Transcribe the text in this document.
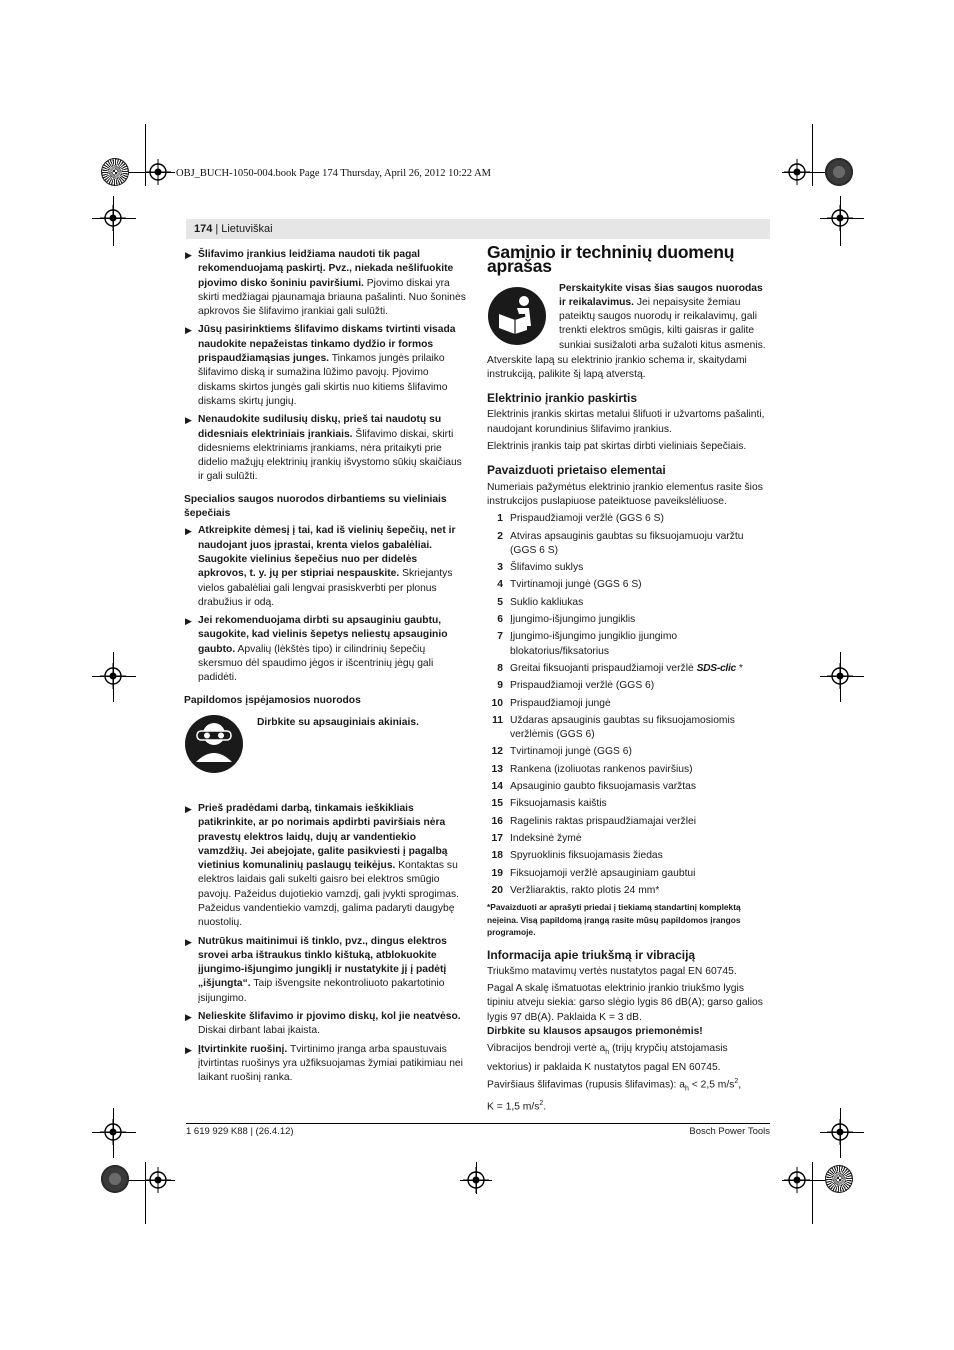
OBJ_BUCH-1050-004.book Page 174 Thursday, April 26, 2012 10:22 AM
174 | Lietuviškai
▶ Šlifavimo įrankius leidžiama naudoti tik pagal rekomenduojamą paskirtį. Pvz., niekada nešlifuokite pjovimo disko šoniniu paviršiumi. Pjovimo diskai yra skirti medžiagai pjaunamąja briauna pašalinti. Nuo šoninės apkrovos šie šlifavimo įrankiai gali sulūžti.
▶ Jūsų pasirinktiems šlifavimo diskams tvirtinti visada naudokite nepažeistas tinkamo dydžio ir formos prispaudžiamąsias junges. Tinkamos jungės prilaiko šlifavimo diską ir sumažina lūžimo pavojų. Pjovimo diskams skirtos jungės gali skirtis nuo kitiems šlifavimo diskams skirtų jungių.
▶ Nenaudokite sudilusių diskų, prieš tai naudotų su didesniais elektriniais įrankiais. Šlifavimo diskai, skirti didesniems elektriniams įrankiams, nėra pritaikyti prie didelio mažųjų elektrinių įrankių išvystomo sūkių skaičiaus ir gali sulūžti.

Specialios saugos nuorodos dirbantiems su vieliniais šepečiais

▶ Atkreipkite dėmesį į tai, kad iš vielinių šepečių, net ir naudojant juos įprastai, krenta vielos gabalėliai. Saugokite vielinius šepečius nuo per didelės apkrovos, t. y. jų per stipriai nespauskite. Skriejantys vielos gabalėliai gali lengvai prasiskverbti per plonus drabužius ir odą.
▶ Jei rekomenduojama dirbti su apsauginiu gaubtu, saugokite, kad vielinis šepetys neliestų apsauginio gaubto. Apvalių (lėkštės tipo) ir cilindrinių šepečių skersmuo dėl spaudimo jėgos ir išcentrinių jėgų gali padidėti.

Papildomos įspėjamosios nuorodos

Dirbkite su apsauginiais akiniais.
▶ Prieš pradėdami darbą, tinkamais ieškikliais patikrinkite, ar po norimais apdirbti paviršiais nėra pravestų elektros laidų, dujų ar vandentiekio vamzdžių. Jei abejojate, galite pasikviesti į pagalbą vietinius komunalinių paslaugų teikėjus. Kontaktas su elektros laidais gali sukelti gaisro bei elektros smūgio pavojų. Pažeidus dujotiekio vamzdį, gali įvykti sprogimas. Pažeidus vandentiekio vamzdį, galima padaryti daugybę nuostolių.
▶ Nutrūkus maitinimui iš tinklo, pvz., dingus elektros srovei arba ištraukus tinklo kištuką, atblokuokite įjungimo-išjungimo jungiklį ir nustatykite jį į padėtį „išjungta“. Taip išvengsite nekontroliuoto pakartotinio įsijungimo.
▶ Nelieskite šlifavimo ir pjovimo diskų, kol jie neatvėso. Diskai dirbant labai įkaista.
▶ Įtvirtinkite ruošinį. Tvirtinimo įranga arba spaustuvais įtvirtintas ruošinys yra užfiksuojamas žymiai patikimiau nei laikant ruošinį ranka.
Gaminio ir techninių duomenų aprašas

Perskaitykite visas šias saugos nuorodas ir reikalavimus. Jei nepaisysite žemiau pateiktų saugos nuorodų ir reikalavimų, gali trenkti elektros smūgis, kilti gaisras ir galite sunkiai susižaloti arba sužaloti kitus asmenis.

Atverskite lapą su elektrinio įrankio schema ir, skaitydami instrukciją, palikite šį lapą atverstą.

Elektrinio įrankio paskirtis

Elektrinis įrankis skirtas metalui šlifuoti ir užvartoms pašalinti, naudojant korundinius šlifavimo įrankius.

Elektrinis įrankis taip pat skirtas dirbti vieliniais šepečiais.

Pavaizduoti prietaiso elementai

Numeriais pažymėtus elektrinio įrankio elementus rasite šios instrukcijos puslapiuose pateiktuose paveikslėliuose.

1 Prispaudžiamoji veržlė (GGS 6 S)
2 Atviras apsauginis gaubtas su fiksuojamuoju varžtu (GGS 6 S)
3 Šlifavimo suklys
4 Tvirtinamoji jungė (GGS 6 S)
5 Suklio kakliukas
6 Įjungimo-išjungimo jungiklis
7 Įjungimo-išjungimo jungiklio įjungimo blokatorius/fiksatorius
8 Greitai fiksuojanti prispaudžiamoji veržlė SDS-clic *
9 Prispaudžiamoji veržlė (GGS 6)
10 Prispaudžiamoji jungė
11 Uždaras apsauginis gaubtas su fiksuojamosiomis veržlėmis (GGS 6)
12 Tvirtinamoji jungė (GGS 6)
13 Rankena (izoliuotas rankenos paviršius)
14 Apsauginio gaubto fiksuojamasis varžtas
15 Fiksuojamasis kaištis
16 Ragelinis raktas prispaudžiamajai veržlei
17 Indeksinė žymė
18 Spyruoklinis fiksuojamasis žiedas
19 Fiksuojamoji veržlė apsauginiam gaubtui
20 Veržliaraktis, rakto plotis 24 mm*

*Pavaizduoti ar aprašyti priedai į tiekiamą standartinį komplektą neįeina. Visą papildomą įrangą rasite mūsų papildomos įrangos programoje.

Informacija apie triukšmą ir vibraciją

Triukšmo matavimų vertės nustatytos pagal EN 60745.

Pagal A skalę išmatuotas elektrinio įrankio triukšmo lygis tipiniu atveju siekia: garso slėgio lygis 86 dB(A); garso galios lygis 97 dB(A). Paklaida K = 3 dB.

Dirbkite su klausos apsaugos priemonėmis!

Vibracijos bendroji vertė $a_h$ (trijų krypčių atstojamasis vektorius) ir paklaida K nustatytos pagal EN 60745.

Paviršiaus šlifavimas (rupusis šlifavimas): $a_h < 2,5$ $m/s^2$,
K = 1,5 $m/s^2$.

1 619 929 K88 | (26.4.12)	Bosch Power Tools
